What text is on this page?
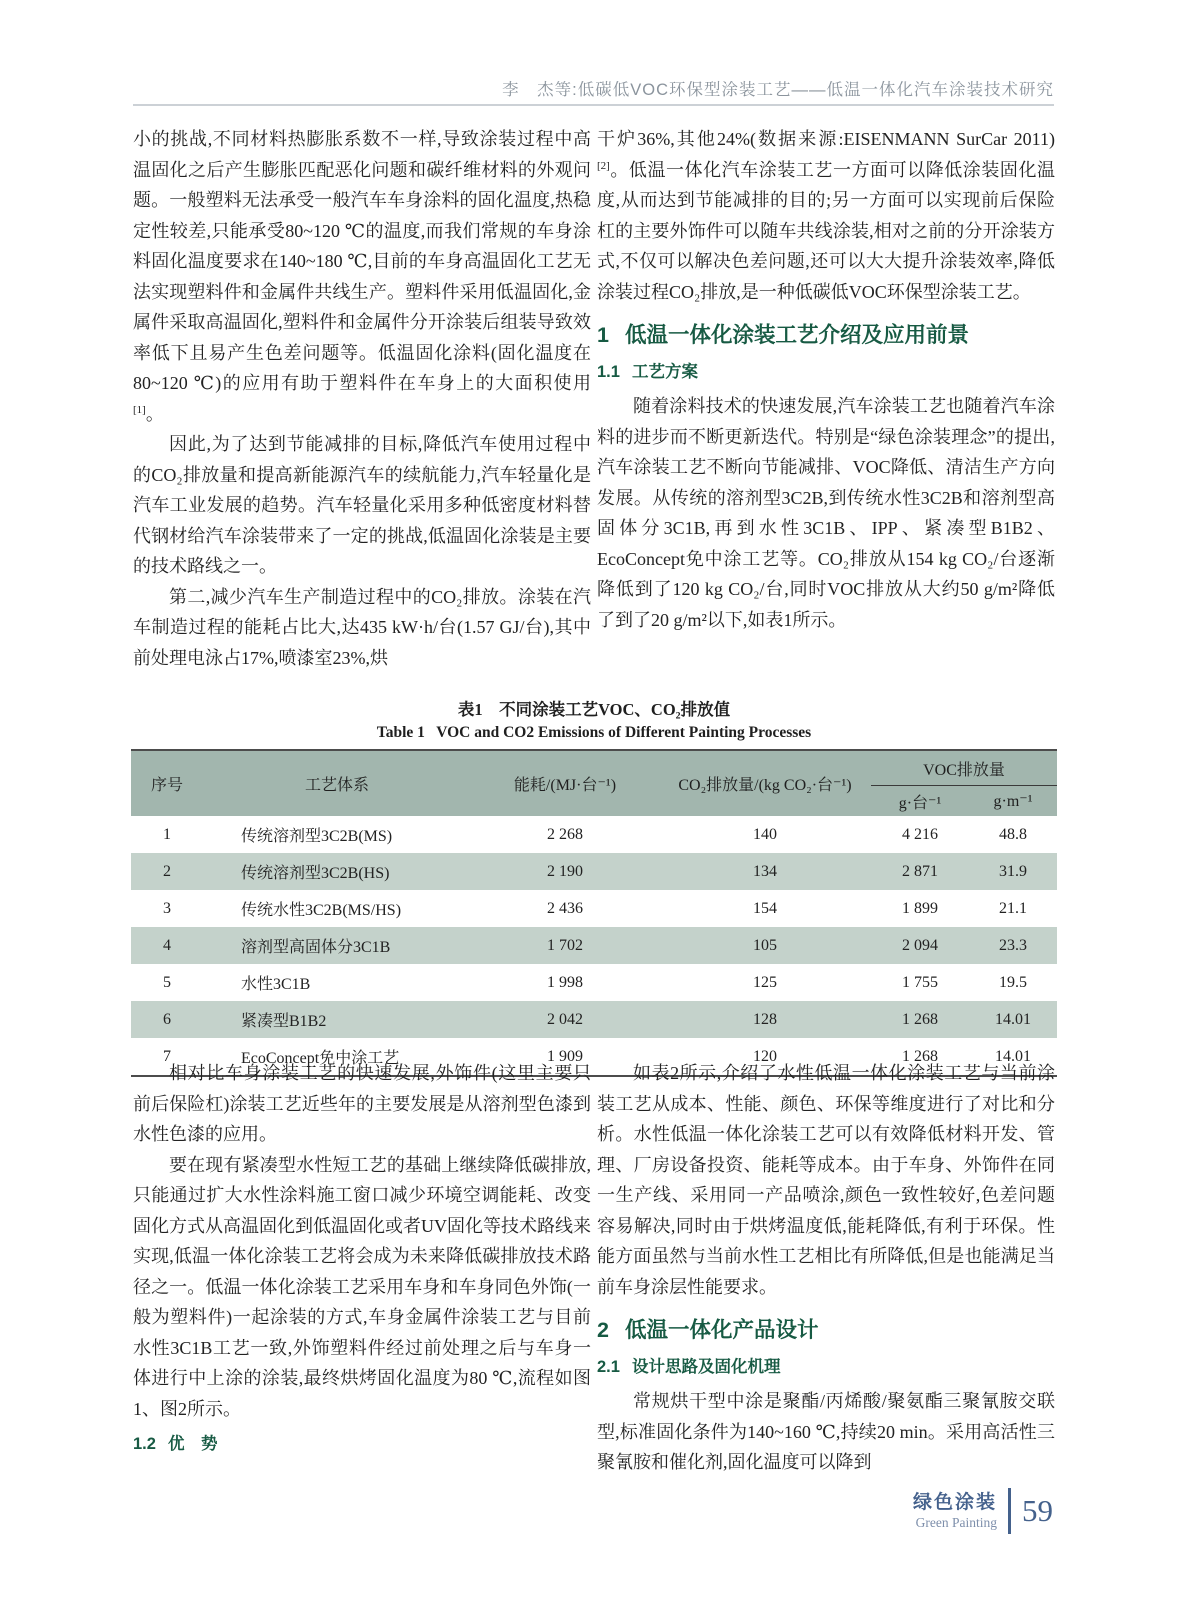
李　杰等:低碳低VOC环保型涂装工艺——低温一体化汽车涂装技术研究

小的挑战,不同材料热膨胀系数不一样,导致涂装过程中高温固化之后产生膨胀匹配恶化问题和碳纤维材料的外观问题。一般塑料无法承受一般汽车车身涂料的固化温度,热稳定性较差,只能承受80~120 ℃的温度,而我们常规的车身涂料固化温度要求在140~180 ℃,目前的车身高温固化工艺无法实现塑料件和金属件共线生产。塑料件采用低温固化,金属件采取高温固化,塑料件和金属件分开涂装后组装导致效率低下且易产生色差问题等。低温固化涂料(固化温度在80~120 ℃)的应用有助于塑料件在车身上的大面积使用[1]。

因此,为了达到节能减排的目标,降低汽车使用过程中的CO₂排放量和提高新能源汽车的续航能力,汽车轻量化是汽车工业发展的趋势。汽车轻量化采用多种低密度材料替代钢材给汽车涂装带来了一定的挑战,低温固化涂装是主要的技术路线之一。

第二,减少汽车生产制造过程中的CO₂排放。涂装在汽车制造过程的能耗占比大,达435 kW·h/台(1.57 GJ/台),其中前处理电泳占17%,喷漆室23%,烘

干炉36%,其他24%(数据来源:EISENMANN SurCar 2011)[2]。低温一体化汽车涂装工艺一方面可以降低涂装固化温度,从而达到节能减排的目的;另一方面可以实现前后保险杠的主要外饰件可以随车共线涂装,相对之前的分开涂装方式,不仅可以解决色差问题,还可以大大提升涂装效率,降低涂装过程CO₂排放,是一种低碳低VOC环保型涂装工艺。

1 低温一体化涂装工艺介绍及应用前景
1.1 工艺方案

随着涂料技术的快速发展,汽车涂装工艺也随着汽车涂料的进步而不断更新迭代。特别是“绿色涂装理念”的提出,汽车涂装工艺不断向节能减排、VOC降低、清洁生产方向发展。从传统的溶剂型3C2B,到传统水性3C2B和溶剂型高固体分3C1B,再到水性3C1B、IPP、紧凑型B1B2、EcoConcept免中涂工艺等。CO₂排放从154 kg CO₂/台逐渐降低到了120 kg CO₂/台,同时VOC排放从大约50 g/m²降低了到了20 g/m²以下,如表1所示。

表1　不同涂装工艺VOC、CO₂排放值
Table 1   VOC and CO2 Emissions of Different Painting Processes
序号	工艺体系	能耗/(MJ·台⁻¹)	CO₂排放量/(kg CO₂·台⁻¹)	VOC排放量	
				g·台⁻¹	g·m⁻¹
1	传统溶剂型3C2B(MS)	2 268	140	4 216	48.8
2	传统溶剂型3C2B(HS)	2 190	134	2 871	31.9
3	传统水性3C2B(MS/HS)	2 436	154	1 899	21.1
4	溶剂型高固体分3C1B	1 702	105	2 094	23.3
5	水性3C1B	1 998	125	1 755	19.5
6	紧凑型B1B2	2 042	128	1 268	14.01
7	EcoConcept免中涂工艺	1 909	120	1 268	14.01

相对比车身涂装工艺的快速发展,外饰件(这里主要只前后保险杠)涂装工艺近些年的主要发展是从溶剂型色漆到水性色漆的应用。

要在现有紧凑型水性短工艺的基础上继续降低碳排放,只能通过扩大水性涂料施工窗口减少环境空调能耗、改变固化方式从高温固化到低温固化或者UV固化等技术路线来实现,低温一体化涂装工艺将会成为未来降低碳排放技术路径之一。低温一体化涂装工艺采用车身和车身同色外饰(一般为塑料件)一起涂装的方式,车身金属件涂装工艺与目前水性3C1B工艺一致,外饰塑料件经过前处理之后与车身一体进行中上涂的涂装,最终烘烤固化温度为80 ℃,流程如图1、图2所示。

1.2 优　势

如表2所示,介绍了水性低温一体化涂装工艺与当前涂装工艺从成本、性能、颜色、环保等维度进行了对比和分析。水性低温一体化涂装工艺可以有效降低材料开发、管理、厂房设备投资、能耗等成本。由于车身、外饰件在同一生产线、采用同一产品喷涂,颜色一致性较好,色差问题容易解决,同时由于烘烤温度低,能耗降低,有利于环保。性能方面虽然与当前水性工艺相比有所降低,但是也能满足当前车身涂层性能要求。

2 低温一体化产品设计
2.1 设计思路及固化机理

常规烘干型中涂是聚酯/丙烯酸/聚氨酯三聚氰胺交联型,标准固化条件为140~160 ℃,持续20 min。采用高活性三聚氰胺和催化剂,固化温度可以降到

绿色涂装
Green Painting 59
